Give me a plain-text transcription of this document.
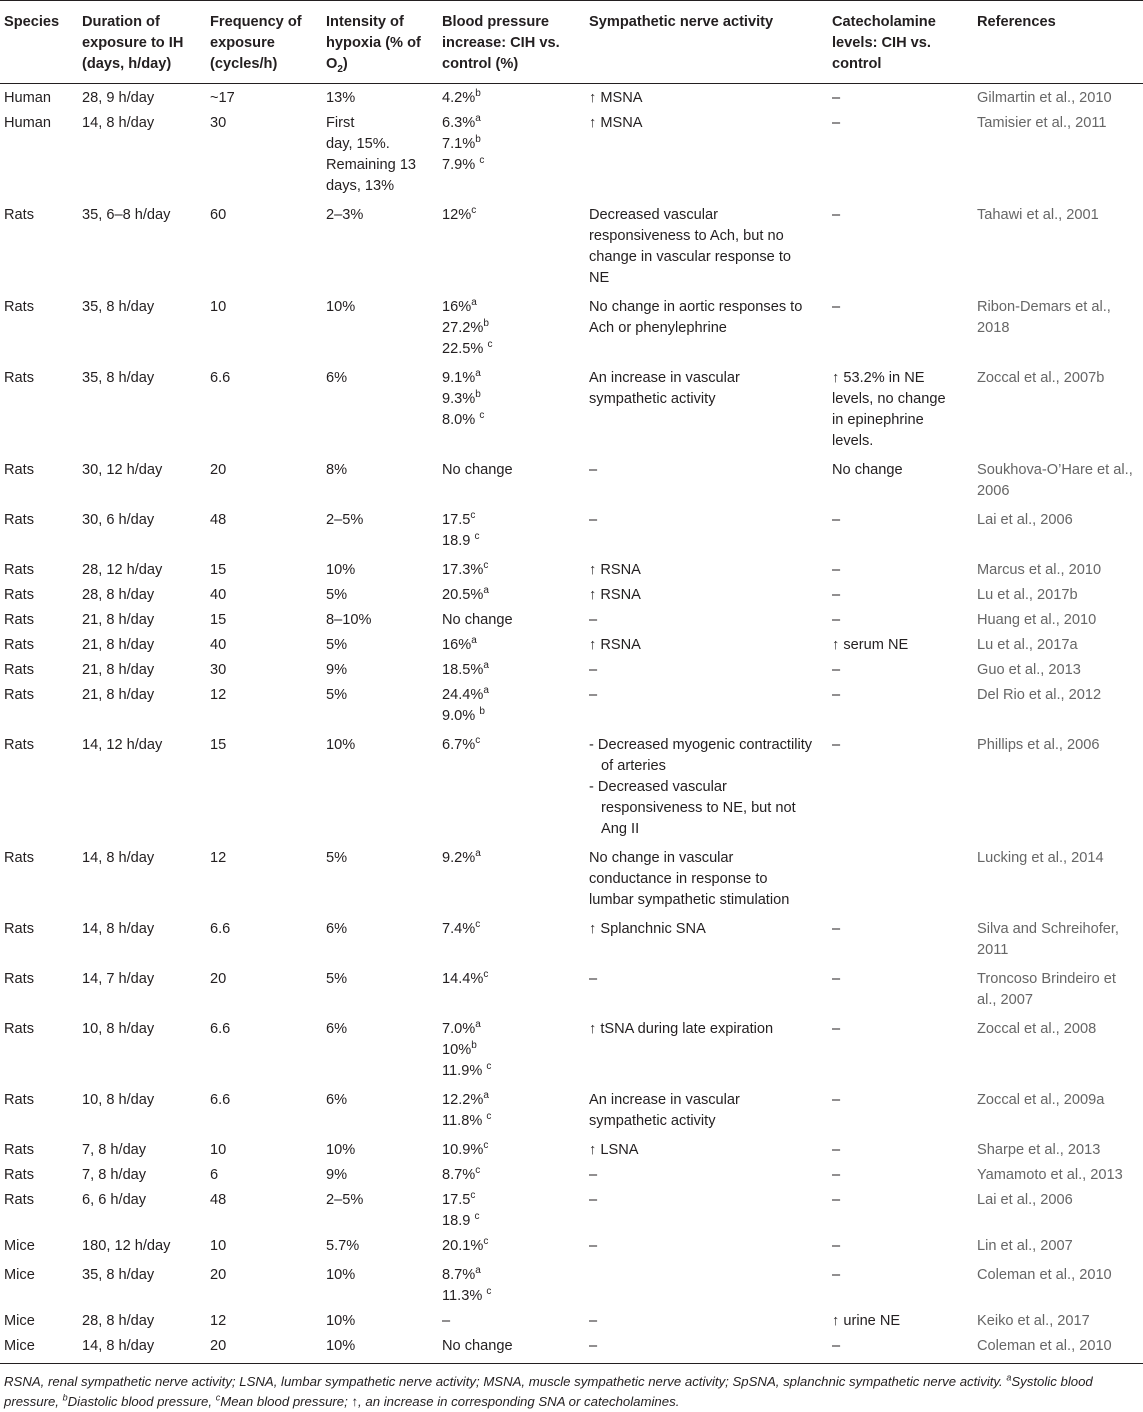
Species	Duration of exposure to IH (days, h/day)	Frequency of exposure (cycles/h)	Intensity of hypoxia (% of $O_2$)	Blood pressure increase: CIH vs. control (%)	Sympathetic nerve activity	Catecholamine levels: CIH vs. control	References
Human	28, 9 h/day	~17	13%	4.2%$^b$	↑ MSNA	–	Gilmartin et al., 2010
Human	14, 8 h/day	30	First
day, 15%.
Remaining 13
days, 13%	6.3%$^a$
7.1%$^b$
7.9% $^c$	↑ MSNA	–	Tamisier et al., 2011
Rats	35, 6–8 h/day	60	2–3%	12%$^c$	Decreased vascular
responsiveness to Ach, but no
change in vascular response to
NE	–	Tahawi et al., 2001
Rats	35, 8 h/day	10	10%	16%$^a$
27.2%$^b$
22.5% $^c$	No change in aortic responses to
Ach or phenylephrine	–	Ribon-Demars et al., 2018
Rats	35, 8 h/day	6.6	6%	9.1%$^a$
9.3%$^b$
8.0% $^c$	An increase in vascular
sympathetic activity	↑ 53.2% in NE
levels, no change
in epinephrine
levels.	Zoccal et al., 2007b
Rats	30, 12 h/day	20	8%	No change	–	No change	Soukhova-O’Hare et al., 2006
Rats	30, 6 h/day	48	2–5%	17.5$^c$
18.9 $^c$	–	–	Lai et al., 2006
Rats	28, 12 h/day	15	10%	17.3%$^c$	↑ RSNA	–	Marcus et al., 2010
Rats	28, 8 h/day	40	5%	20.5%$^a$	↑ RSNA	–	Lu et al., 2017b
Rats	21, 8 h/day	15	8–10%	No change	–	–	Huang et al., 2010
Rats	21, 8 h/day	40	5%	16%$^a$	↑ RSNA	↑ serum NE	Lu et al., 2017a
Rats	21, 8 h/day	30	9%	18.5%$^a$	–	–	Guo et al., 2013
Rats	21, 8 h/day	12	5%	24.4%$^a$
9.0% $^b$	–	–	Del Rio et al., 2012
Rats	14, 12 h/day	15	10%	6.7%$^c$	- Decreased myogenic contractility of arteries
- Decreased vascular responsiveness to NE, but not Ang II	–	Phillips et al., 2006
Rats	14, 8 h/day	12	5%	9.2%$^a$	No change in vascular
conductance in response to
lumbar sympathetic stimulation		Lucking et al., 2014
Rats	14, 8 h/day	6.6	6%	7.4%$^c$	↑ Splanchnic SNA	–	Silva and Schreihofer, 2011
Rats	14, 7 h/day	20	5%	14.4%$^c$	–	–	Troncoso Brindeiro et al., 2007
Rats	10, 8 h/day	6.6	6%	7.0%$^a$
10%$^b$
11.9% $^c$	↑ tSNA during late expiration	–	Zoccal et al., 2008
Rats	10, 8 h/day	6.6	6%	12.2%$^a$
11.8% $^c$	An increase in vascular
sympathetic activity	–	Zoccal et al., 2009a
Rats	7, 8 h/day	10	10%	10.9%$^c$	↑ LSNA	–	Sharpe et al., 2013
Rats	7, 8 h/day	6	9%	8.7%$^c$	–	–	Yamamoto et al., 2013
Rats	6, 6 h/day	48	2–5%	17.5$^c$
18.9 $^c$	–	–	Lai et al., 2006
Mice	180, 12 h/day	10	5.7%	20.1%$^c$	–	–	Lin et al., 2007
Mice	35, 8 h/day	20	10%	8.7%$^a$
11.3% $^c$		–	Coleman et al., 2010
Mice	28, 8 h/day	12	10%	–	–	↑ urine NE	Keiko et al., 2017
Mice	14, 8 h/day	20	10%	No change	–	–	Coleman et al., 2010
RSNA, renal sympathetic nerve activity; LSNA, lumbar sympathetic nerve activity; MSNA, muscle sympathetic nerve activity; SpSNA, splanchnic sympathetic nerve activity. $^a$Systolic blood pressure, $^b$Diastolic blood pressure, $^c$Mean blood pressure; ↑, an increase in corresponding SNA or catecholamines.
